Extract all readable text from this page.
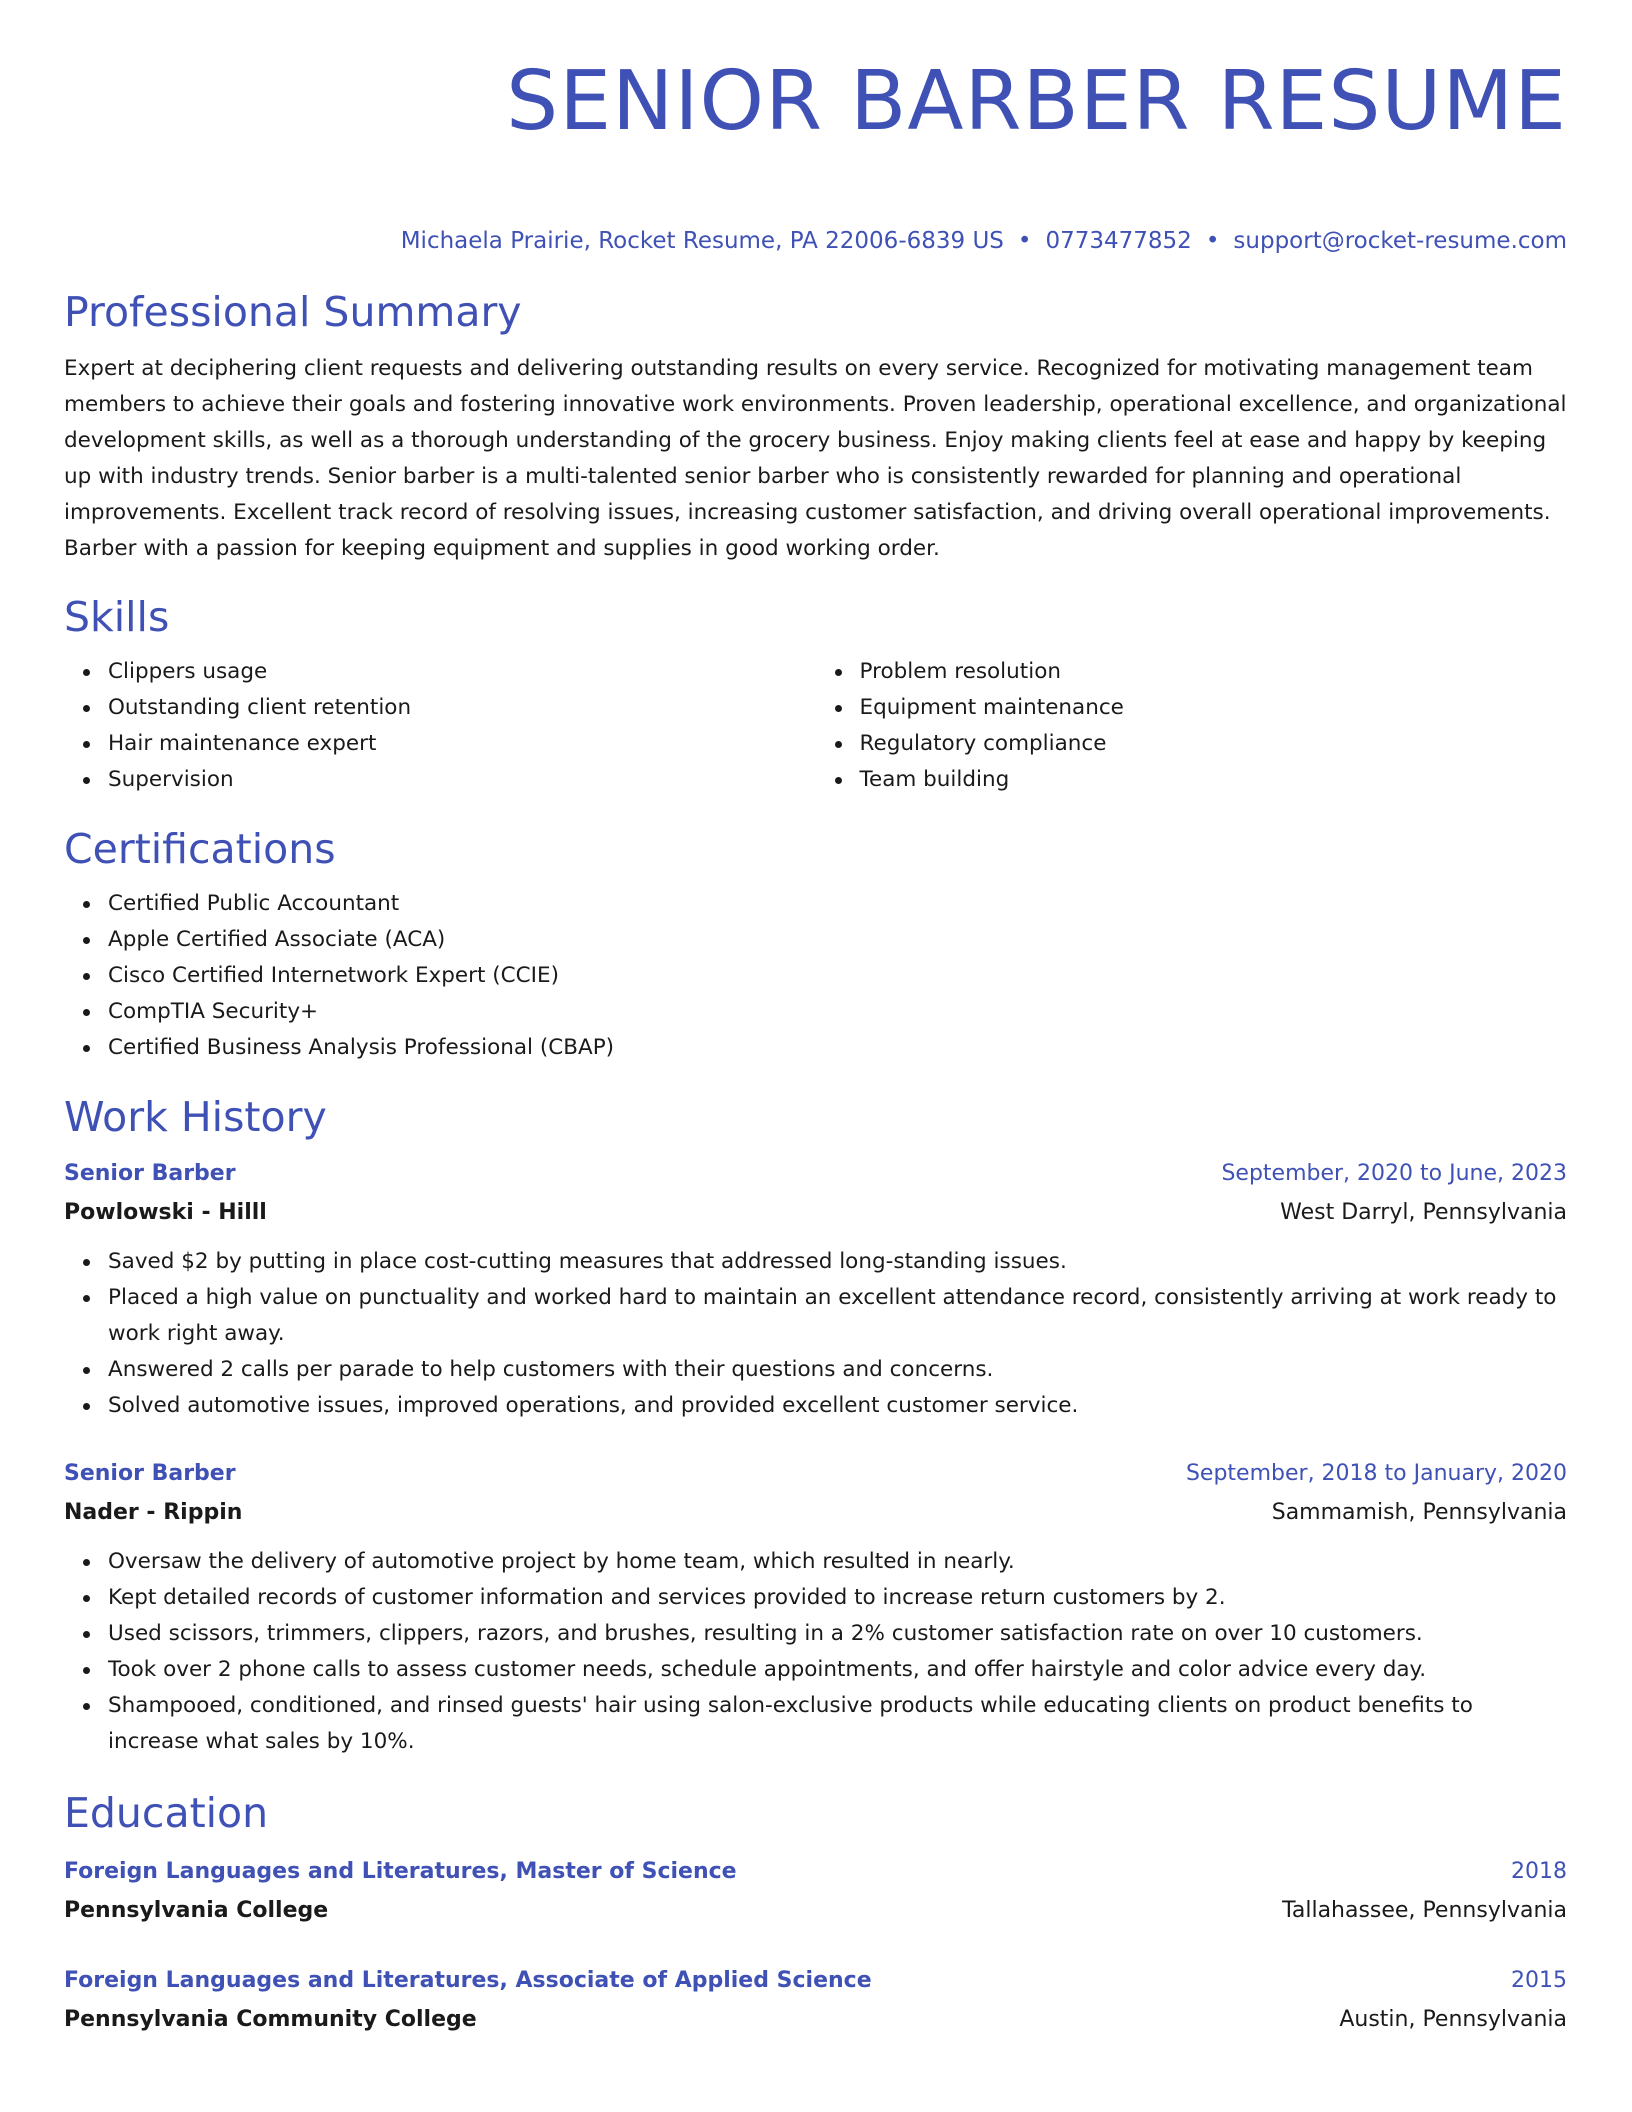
SENIOR BARBER RESUME
Michaela Prairie, Rocket Resume, PA 22006-6839 US • 0773477852 • support@rocket-resume.com
Professional Summary

Expert at deciphering client requests and delivering outstanding results on every service. Recognized for motivating management team members to achieve their goals and fostering innovative work environments. Proven leadership, operational excellence, and organizational development skills, as well as a thorough understanding of the grocery business. Enjoy making clients feel at ease and happy by keeping up with industry trends. Senior barber is a multi-talented senior barber who is consistently rewarded for planning and operational improvements. Excellent track record of resolving issues, increasing customer satisfaction, and driving overall operational improvements. Barber with a passion for keeping equipment and supplies in good working order.

Skills
Clippers usage
Outstanding client retention
Hair maintenance expert
Supervision
Problem resolution
Equipment maintenance
Regulatory compliance
Team building
Certifications
Certified Public Accountant
Apple Certified Associate (ACA)
Cisco Certified Internetwork Expert (CCIE)
CompTIA Security+
Certified Business Analysis Professional (CBAP)
Work History
Senior Barber	September, 2020 to June, 2023
Powlowski - Hilll	West Darryl, Pennsylvania
Saved $2 by putting in place cost-cutting measures that addressed long-standing issues.
Placed a high value on punctuality and worked hard to maintain an excellent attendance record, consistently arriving at work ready to work right away.
Answered 2 calls per parade to help customers with their questions and concerns.
Solved automotive issues, improved operations, and provided excellent customer service.
Senior Barber	September, 2018 to January, 2020
Nader - Rippin	Sammamish, Pennsylvania
Oversaw the delivery of automotive project by home team, which resulted in nearly.
Kept detailed records of customer information and services provided to increase return customers by 2.
Used scissors, trimmers, clippers, razors, and brushes, resulting in a 2% customer satisfaction rate on over 10 customers.
Took over 2 phone calls to assess customer needs, schedule appointments, and offer hairstyle and color advice every day.
Shampooed, conditioned, and rinsed guests' hair using salon-exclusive products while educating clients on product benefits to increase what sales by 10%.
Education
Foreign Languages and Literatures, Master of Science	2018
Pennsylvania College	Tallahassee, Pennsylvania
Foreign Languages and Literatures, Associate of Applied Science	2015
Pennsylvania Community College	Austin, Pennsylvania
